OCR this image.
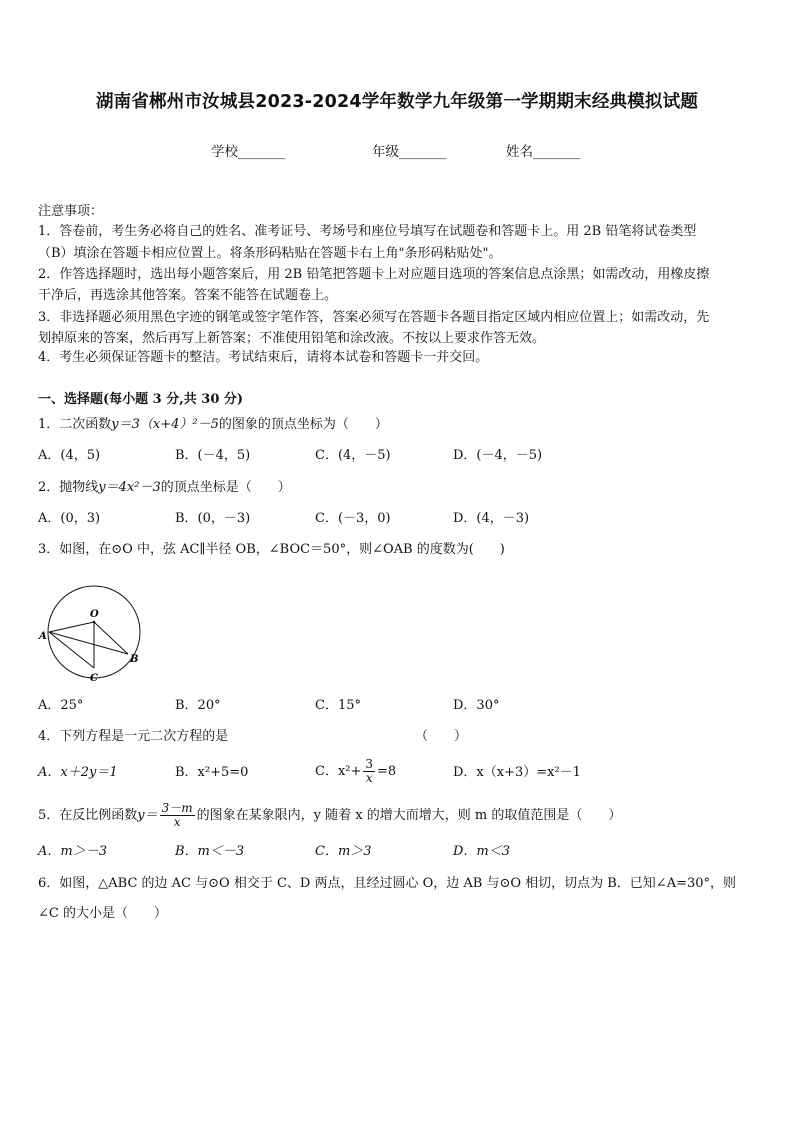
湖南省郴州市汝城县2023-2024学年数学九年级第一学期期末经典模拟试题
学校_______	年级_______	姓名_______
注意事项：
1．答卷前，考生务必将自己的姓名、准考证号、考场号和座位号填写在试题卷和答题卡上。用 2B 铅笔将试卷类型
（B）填涂在答题卡相应位置上。将条形码粘贴在答题卡右上角"条形码粘贴处"。
2．作答选择题时，选出每小题答案后，用 2B 铅笔把答题卡上对应题目选项的答案信息点涂黑；如需改动，用橡皮擦
干净后，再选涂其他答案。答案不能答在试题卷上。
3．非选择题必须用黑色字迹的钢笔或签字笔作答，答案必须写在答题卡各题目指定区域内相应位置上；如需改动，先
划掉原来的答案，然后再写上新答案；不准使用铅笔和涂改液。不按以上要求作答无效。
4．考生必须保证答题卡的整洁。考试结束后，请将本试卷和答题卡一并交回。
一、选择题(每小题 3 分,共 30 分)
1．二次函数y＝3（x+4）²－5的图象的顶点坐标为（　　）
A．(4，5)	B．(－4，5)	C．(4，－5)	D．(－4，－5)
2．抛物线y＝4x²－3的顶点坐标是（　　）
A．(0，3)	B．(0，－3)	C．(－3，0)	D．(4，－3)
3．如图，在⊙O 中，弦 AC∥半径 OB，∠BOC＝50°，则∠OAB 的度数为(　　)
O
A
B
C
A．25°	B．20°	C．15°	D．30°
4．下列方程是一元二次方程的是	（　　）
A．x＋2y＝1	B．x²+5=0	C．$x^2+ \frac{3}{x} =8$	D．x（x+3）=x²－1
5．在反比例函数$y= \frac{3-m}{x}$ 的图象在某象限内，y 随着 x 的增大而增大，则 m 的取值范围是（　　）
A．m＞－3	B．m＜－3	C．m＞3	D．m＜3
6．如图，△ABC 的边 AC 与⊙O 相交于 C、D 两点，且经过圆心 O，边 AB 与⊙O 相切，切点为 B．已知∠A=30°，则
∠C 的大小是（　　）
